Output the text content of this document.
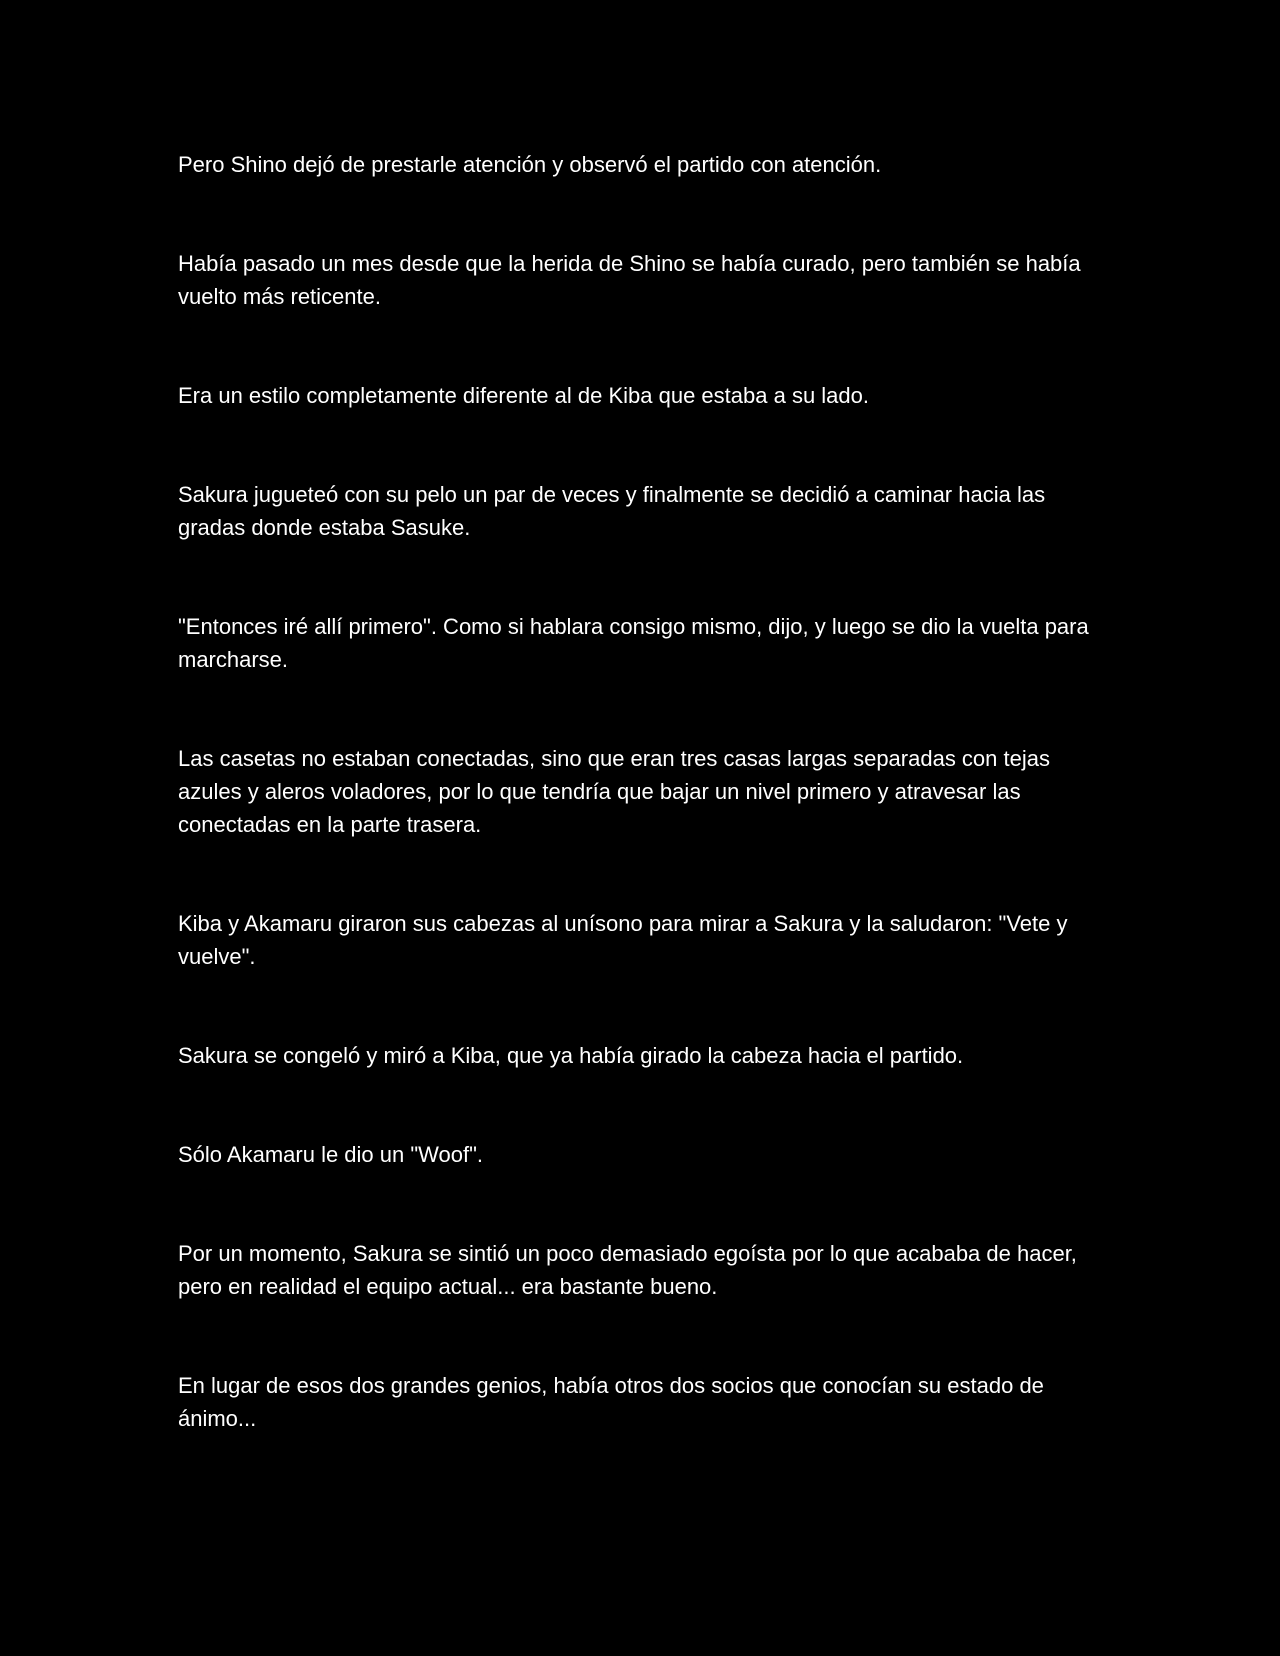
Pero Shino dejó de prestarle atención y observó el partido con atención.

Había pasado un mes desde que la herida de Shino se había curado, pero también se había vuelto más reticente.

Era un estilo completamente diferente al de Kiba que estaba a su lado.

Sakura jugueteó con su pelo un par de veces y finalmente se decidió a caminar hacia las gradas donde estaba Sasuke.

"Entonces iré allí primero". Como si hablara consigo mismo, dijo, y luego se dio la vuelta para marcharse.

Las casetas no estaban conectadas, sino que eran tres casas largas separadas con tejas azules y aleros voladores, por lo que tendría que bajar un nivel primero y atravesar las conectadas en la parte trasera.

Kiba y Akamaru giraron sus cabezas al unísono para mirar a Sakura y la saludaron: "Vete y vuelve".

Sakura se congeló y miró a Kiba, que ya había girado la cabeza hacia el partido.

Sólo Akamaru le dio un "Woof".

Por un momento, Sakura se sintió un poco demasiado egoísta por lo que acababa de hacer, pero en realidad el equipo actual... era bastante bueno.

En lugar de esos dos grandes genios, había otros dos socios que conocían su estado de ánimo...
